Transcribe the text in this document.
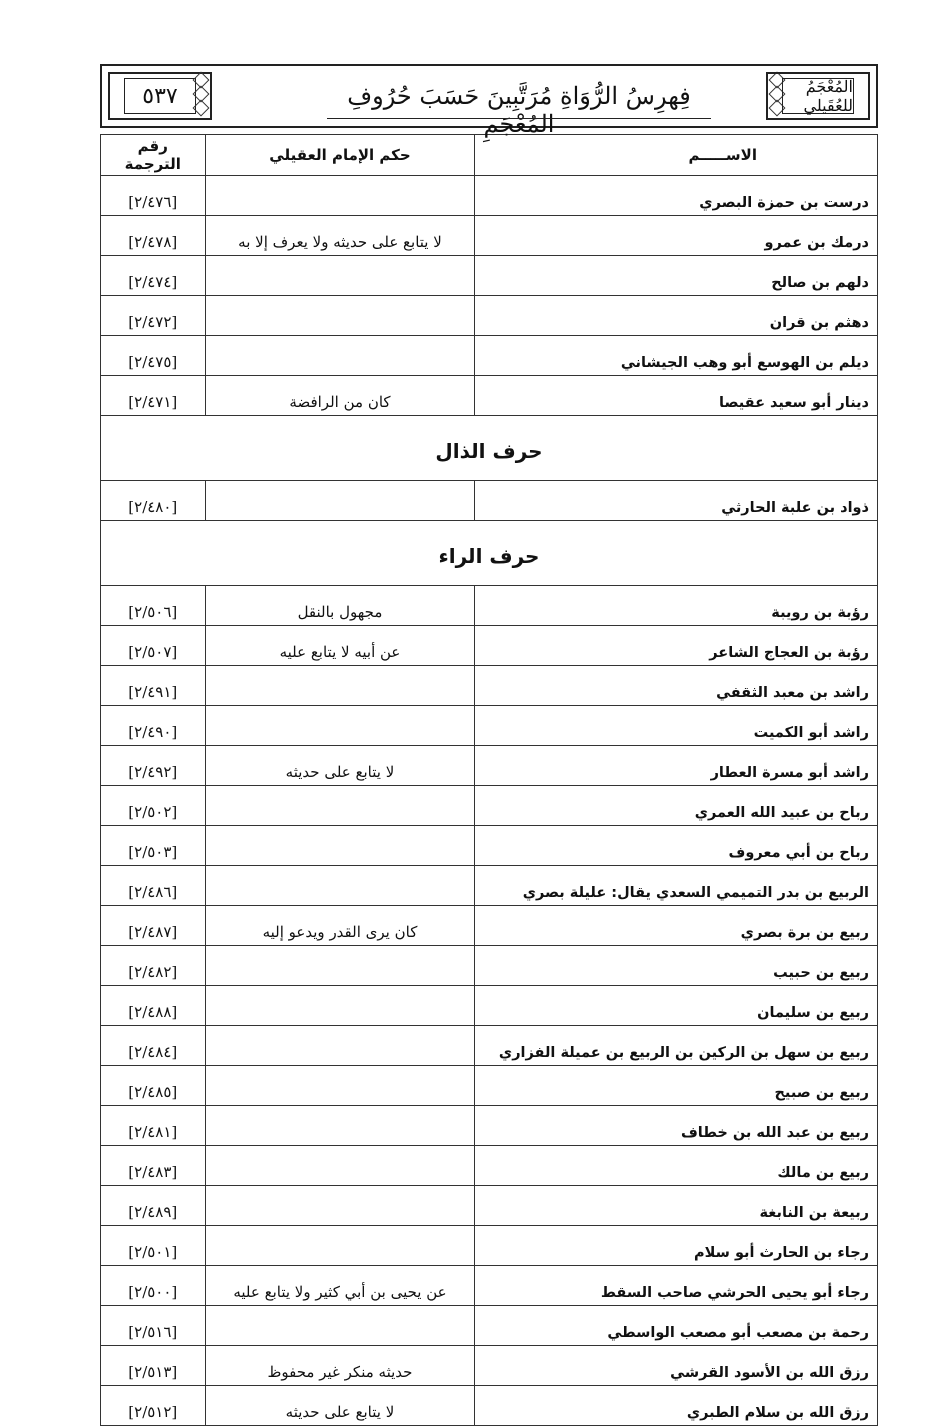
٥٣٧	فِهرِسُ الرُّوَاةِ مُرَتَّبِينَ حَسَبَ حُرُوفِ المُعْجَمِ
المُعْجَمُ للعُقَيلي
الاســـــم	حكم الإمام العقيلي	رقم الترجمة
درست بن حمزة البصري		[٢/٤٧٦]
درمك بن عمرو	لا يتابع على حديثه ولا يعرف إلا به	[٢/٤٧٨]
دلهم بن صالح		[٢/٤٧٤]
دهثم بن قران		[٢/٤٧٢]
ديلم بن الهوسع أبو وهب الجيشاني		[٢/٤٧٥]
دينار أبو سعيد عقيصا	كان من الرافضة	[٢/٤٧١]
حرف الذال		
ذواد بن علبة الحارثي		[٢/٤٨٠]
حرف الراء		
رؤبة بن رويبة	مجهول بالنقل	[٢/٥٠٦]
رؤبة بن العجاج الشاعر	عن أبيه لا يتابع عليه	[٢/٥٠٧]
راشد بن معبد الثقفي		[٢/٤٩١]
راشد أبو الكميت		[٢/٤٩٠]
راشد أبو مسرة العطار	لا يتابع على حديثه	[٢/٤٩٢]
رباح بن عبيد الله العمري		[٢/٥٠٢]
رباح بن أبي معروف		[٢/٥٠٣]
الربيع بن بدر التميمي السعدي يقال: عليلة بصري		[٢/٤٨٦]
ربيع بن برة بصري	كان يرى القدر ويدعو إليه	[٢/٤٨٧]
ربيع بن حبيب		[٢/٤٨٢]
ربيع بن سليمان		[٢/٤٨٨]
ربيع بن سهل بن الركين بن الربيع بن عميلة الفزاري		[٢/٤٨٤]
ربيع بن صبيح		[٢/٤٨٥]
ربيع بن عبد الله بن خطاف		[٢/٤٨١]
ربيع بن مالك		[٢/٤٨٣]
ربيعة بن النابغة		[٢/٤٨٩]
رجاء بن الحارث أبو سلام		[٢/٥٠١]
رجاء أبو يحيى الحرشي صاحب السقط	عن يحيى بن أبي كثير ولا يتابع عليه	[٢/٥٠٠]
رحمة بن مصعب أبو مصعب الواسطي		[٢/٥١٦]
رزق الله بن الأسود القرشي	حديثه منكر غير محفوظ	[٢/٥١٣]
رزق الله بن سلام الطبري	لا يتابع على حديثه	[٢/٥١٢]
